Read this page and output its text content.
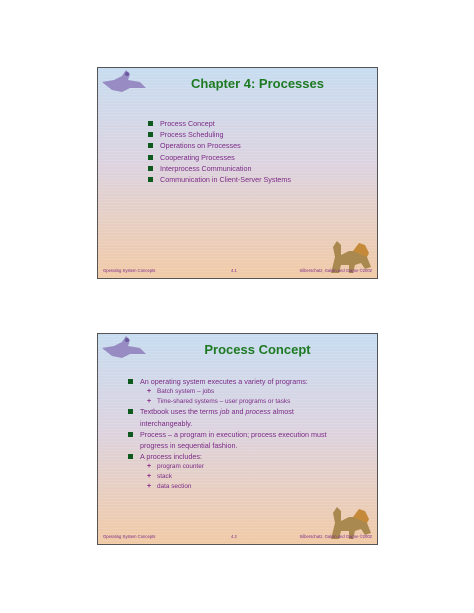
Chapter 4: Processes
Process Concept
Process Scheduling
Operations on Processes
Cooperating Processes
Interprocess Communication
Communication in Client-Server Systems
Operating System Concepts	4.1	Silberschatz, Galvin and Gagne ©2002
Process Concept
An operating system executes a variety of programs:
+ Batch system – jobs
+ Time-shared systems – user programs or tasks
Textbook uses the terms job and process almost interchangeably.
Process – a program in execution; process execution must progress in sequential fashion.
A process includes:
+ program counter
+ stack
+ data section
Operating System Concepts	4.2	Silberschatz, Galvin and Gagne ©2002
